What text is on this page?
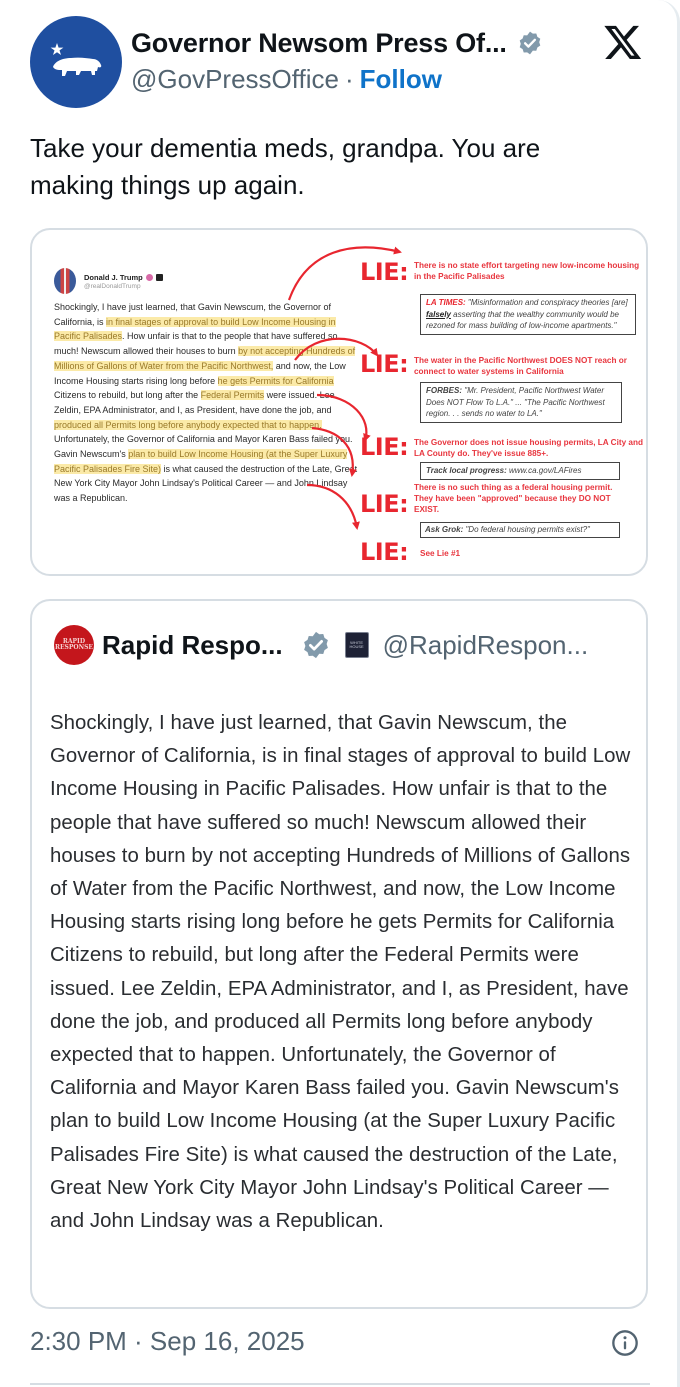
Governor Newsom Press Of...
@GovPressOffice · Follow
Take your dementia meds, grandpa. You are making things up again.
Donald J. Trump
@realDonaldTrump
Shockingly, I have just learned, that Gavin Newscum, the Governor of California, is in final stages of approval to build Low Income Housing in Pacific Palisades. How unfair is that to the people that have suffered so much! Newscum allowed their houses to burn by not accepting Hundreds of Millions of Gallons of Water from the Pacific Northwest, and now, the Low Income Housing starts rising long before he gets Permits for California Citizens to rebuild, but long after the Federal Permits were issued. Lee Zeldin, EPA Administrator, and I, as President, have done the job, and produced all Permits long before anybody expected that to happen. Unfortunately, the Governor of California and Mayor Karen Bass failed you. Gavin Newscum's plan to build Low Income Housing (at the Super Luxury Pacific Palisades Fire Site) is what caused the destruction of the Late, Great New York City Mayor John Lindsay's Political Career — and John Lindsay was a Republican.
LIE: There is no state effort targeting new low-income housing in the Pacific Palisades
LA TIMES: "Misinformation and conspiracy theories [are] falsely asserting that the wealthy community would be rezoned for mass building of low-income apartments."
LIE: The water in the Pacific Northwest DOES NOT reach or connect to water systems in California
FORBES: "Mr. President, Pacific Northwest Water Does NOT Flow To L.A." ... "The Pacific Northwest region. . . sends no water to LA."
LIE: The Governor does not issue housing permits, LA City and LA County do. They've issue 885+.
Track local progress: www.ca.gov/LAFires
LIE:
There is no such thing as a federal housing permit. They have been "approved" because they DO NOT EXIST.
Ask Grok: "Do federal housing permits exist?"
LIE: See Lie #1
RAPID RESPONSE Rapid Respo...	WHITE HOUSE @RapidRespon...
Shockingly, I have just learned, that Gavin Newscum, the Governor of California, is in final stages of approval to build Low Income Housing in Pacific Palisades. How unfair is that to the people that have suffered so much! Newscum allowed their houses to burn by not accepting Hundreds of Millions of Gallons of Water from the Pacific Northwest, and now, the Low Income Housing starts rising long before he gets Permits for California Citizens to rebuild, but long after the Federal Permits were issued. Lee Zeldin, EPA Administrator, and I, as President, have done the job, and produced all Permits long before anybody expected that to happen. Unfortunately, the Governor of California and Mayor Karen Bass failed you. Gavin Newscum's plan to build Low Income Housing (at the Super Luxury Pacific Palisades Fire Site) is what caused the destruction of the Late, Great New York City Mayor John Lindsay's Political Career — and John Lindsay was a Republican.
2:30 PM · Sep 16, 2025
